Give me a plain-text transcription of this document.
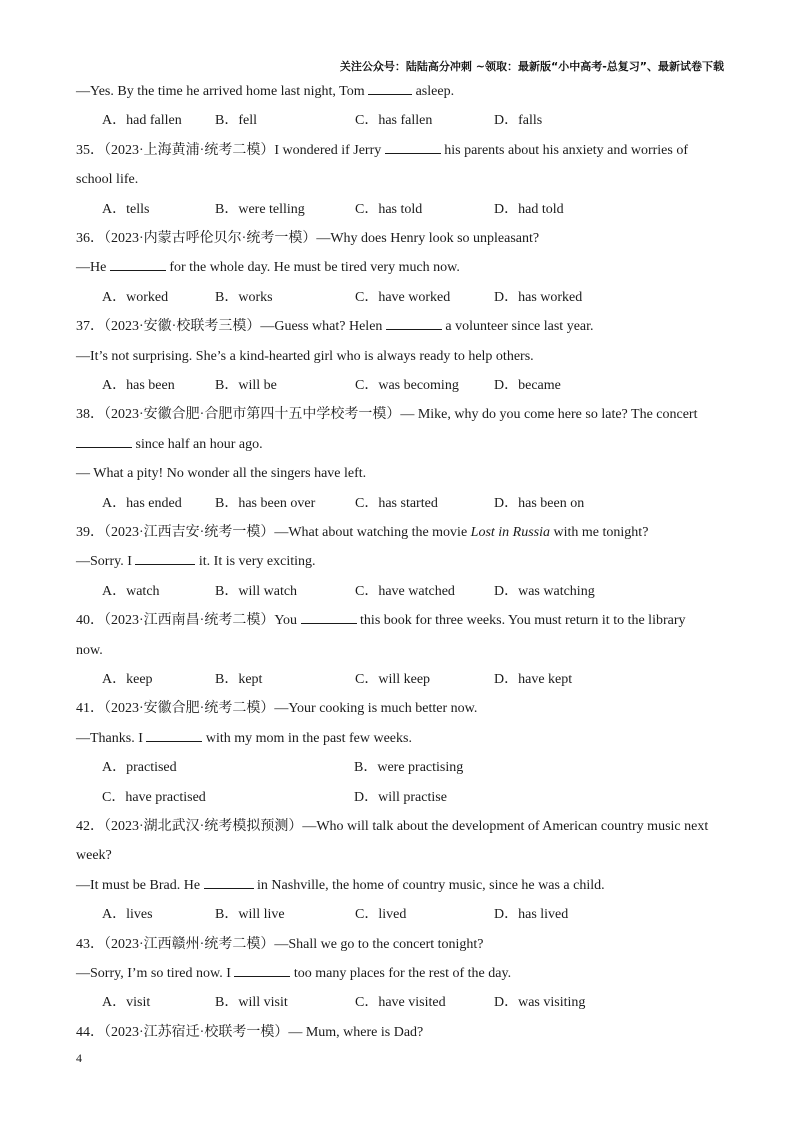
关注公众号：陆陆高分冲刺 ~领取：最新版“小中高考-总复习”、最新试卷下载
—Yes. By the time he arrived home last night, Tom	asleep.
A．had fallen B．fell	C．has fallen	D．falls
35．（2023·上海黄浦·统考二模）I wondered if Jerry	his parents about his anxiety and worries of
school life.
A．tells	B．were telling	C．has told	D．had told
36．（2023·内蒙古呼伦贝尔·统考一模）—Why does Henry look so unpleasant?
—He	for the whole day. He must be tired very much now.
A．worked	B．works	C．have worked	D．has worked
37．（2023·安徽·校联考三模）—Guess what? Helen	a volunteer since last year.
—It’s not surprising. She’s a kind-hearted girl who is always ready to help others.
A．has been	B．will be	C．was becoming	D．became
38．（2023·安徽合肥·合肥市第四十五中学校考一模）— Mike, why do you come here so late? The concert
since half an hour ago.
— What a pity! No wonder all the singers have left.
A．has ended B．has been over	C．has started	D．has been on
39．（2023·江西吉安·统考一模）—What about watching the movie Lost in Russia with me tonight?
—Sorry. I	it. It is very exciting.
A．watch	B．will watch	C．have watched	D．was watching
40．（2023·江西南昌·统考二模）You	this book for three weeks. You must return it to the library
now.
A．keep	B．kept	C．will keep	D．have kept
41．（2023·安徽合肥·统考二模）—Your cooking is much better now.
—Thanks. I	with my mom in the past few weeks.
A．practised	B．were practising
C．have practised	D．will practise
42．（2023·湖北武汉·统考模拟预测）—Who will talk about the development of American country music next
week?
—It must be Brad. He	in Nashville, the home of country music, since he was a child.
A．lives	B．will live	C．lived	D．has lived
43．（2023·江西赣州·统考二模）—Shall we go to the concert tonight?
—Sorry, I’m so tired now. I	too many places for the rest of the day.
A．visit	B．will visit	C．have visited	D．was visiting
44．（2023·江苏宿迁·校联考一模）— Mum, where is Dad?
4
